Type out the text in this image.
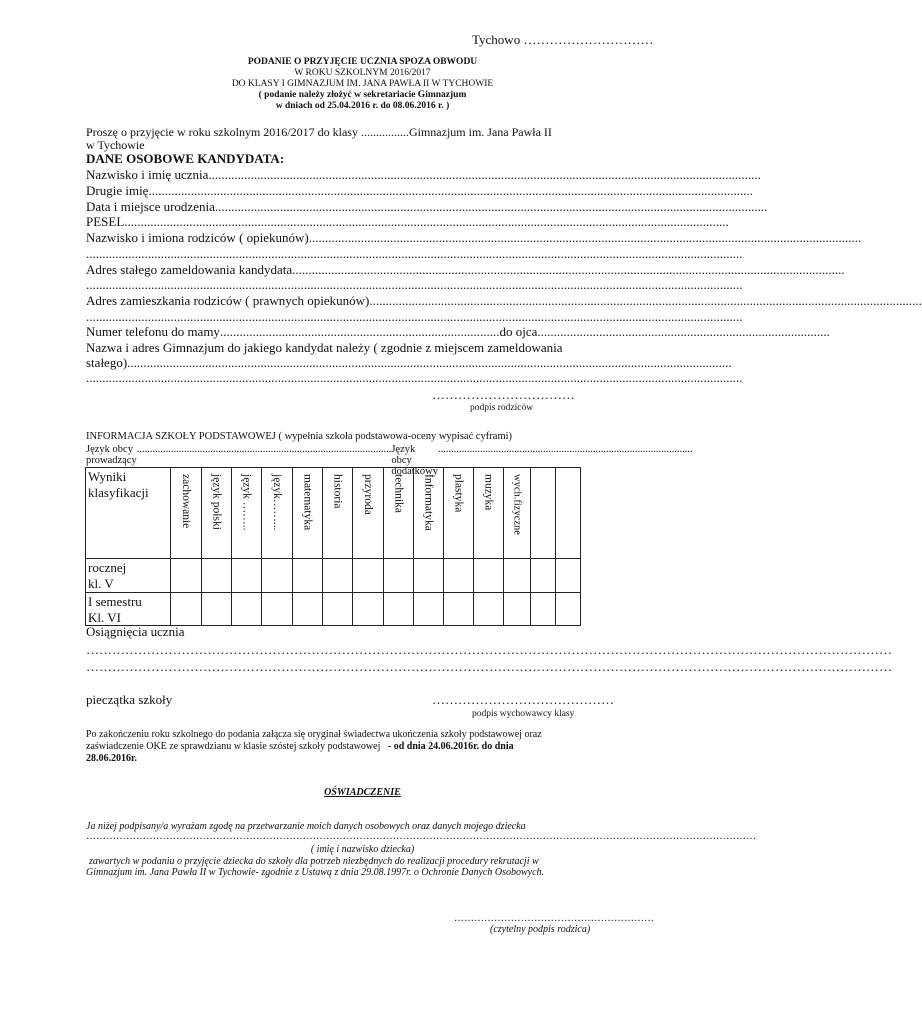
Tychowo …………………………
PODANIE O PRZYJĘCIE UCZNIA SPOZA OBWODU
W ROKU SZKOLNYM 2016/2017
DO KLASY I GIMNAZJUM IM. JANA PAWŁA II W TYCHOWIE
( podanie należy złożyć w sekretariacie Gimnazjum
w dniach od 25.04.2016 r. do 08.06.2016 r. )
Proszę o przyjęcie w roku szkolnym 2016/2017 do klasy ................Gimnazjum im. Jana Pawła II
w Tychowie
DANE OSOBOWE KANDYDATA:
Nazwisko i imię ucznia ..........................................................................................................................................................................
Drugie imię ..........................................................................................................................................................................................
Data i miejsce urodzenia ..........................................................................................................................................................................
PESEL ..........................................................................................................................................................................................
Nazwisko i imiona rodziców ( opiekunów) ..........................................................................................................................................................................
..........................................................................................................................................................................................................
Adres stałego zameldowania kandydata ..........................................................................................................................................................................
..........................................................................................................................................................................................................
Adres zamieszkania rodziców ( prawnych opiekunów) ..........................................................................................................................................................................
..........................................................................................................................................................................................................
Numer telefonu do mamy ...................................................................................... do ojca ..........................................................................................
Nazwa i adres Gimnazjum do jakiego kandydat należy ( zgodnie z miejscem zameldowania
stałego) ..........................................................................................................................................................................................
..........................................................................................................................................................................................................
……………………………
podpis rodziców
INFORMACJA SZKOŁY PODSTAWOWEJ ( wypełnia szkoła podstawowa-oceny wypisać cyframi)
Język obcy prowadzący
................................................................................................. Język obcy dodatkowy
.................................................................................................
Wyniki
klasyfikacji	zachowanie	język polski	język ……..	język……...	matematyka	historia	przyroda	technika	Informatyka	plastyka	muzyka	wych.fizyczne		

rocznej
kl. V														

I semestru
Kl. VI														

Osiągnięcia ucznia
……………………………………………………………………………………………………………………………………………………………………
……………………………………………………………………………………………………………………………………………………………………
pieczątka szkoły	……………………………………
podpis wychowawcy klasy
Po zakończeniu roku szkolnego do podania załącza się oryginał świadectwa ukończenia szkoły podstawowej oraz
zaświadczenie OKE ze sprawdzianu w klasie szóstej szkoły podstawowej - od dnia 24.06.2016r. do dnia
28.06.2016r.
OŚWIADCZENIE
Ja niżej podpisany/a wyrażam zgodę na przetwarzanie moich danych osobowych oraz danych mojego dziecka
…………………………………………………………………………………………………………………………………………………………………………………
( imię i nazwisko dziecka)
zawartych w podaniu o przyjęcie dziecka do szkoły dla potrzeb niezbędnych do realizacji procedury rekrutacji w
Gimnazjum im. Jana Pawła II w Tychowie- zgodnie z Ustawą z dnia 29.08.1997r. o Ochronie Danych Osobowych.
……………………………………………………
(czytelny podpis rodzica)
